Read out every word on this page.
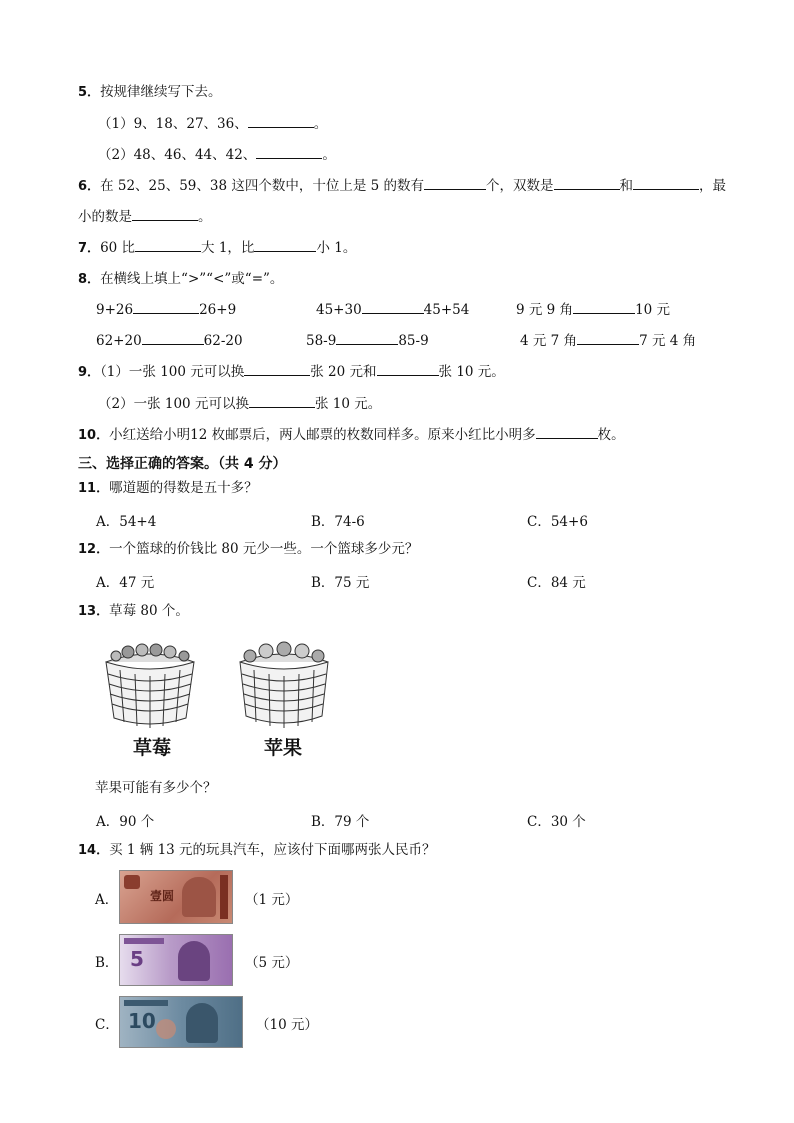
5．按规律继续写下去。
（1）9、18、27、36、	。
（2）48、46、44、42、	。
6．在 52、25、59、38 这四个数中，十位上是 5 的数有	个，双数是	和	，最
小的数是	。
7．60 比	大 1，比	小 1。
8．在横线上填上“>”“<”或“=”。
9+26	26+9	45+30	45+54	9 元 9 角	10 元
62+20	62-20	58-9	85-9	4 元 7 角	7 元 4 角
9．（1）一张 100 元可以换	张 20 元和	张 10 元。
（2）一张 100 元可以换	张 10 元。
10．小红送给小明12 枚邮票后，两人邮票的枚数同样多。原来小红比小明多	枚。
三、选择正确的答案。（共 4 分）
11．哪道题的得数是五十多？
A．54+4	B．74-6	C．54+6
12．一个篮球的价钱比 80 元少一些。一个篮球多少元？
A．47 元	B．75 元	C．84 元
13．草莓 80 个。
草莓	苹果
苹果可能有多少个？
A．90 个	B．79 个	C．30 个
14．买 1 辆 13 元的玩具汽车，应该付下面哪两张人民币？
A．	壹圆	（1 元）
B． 5	（5 元）
C． 10	（10 元）
